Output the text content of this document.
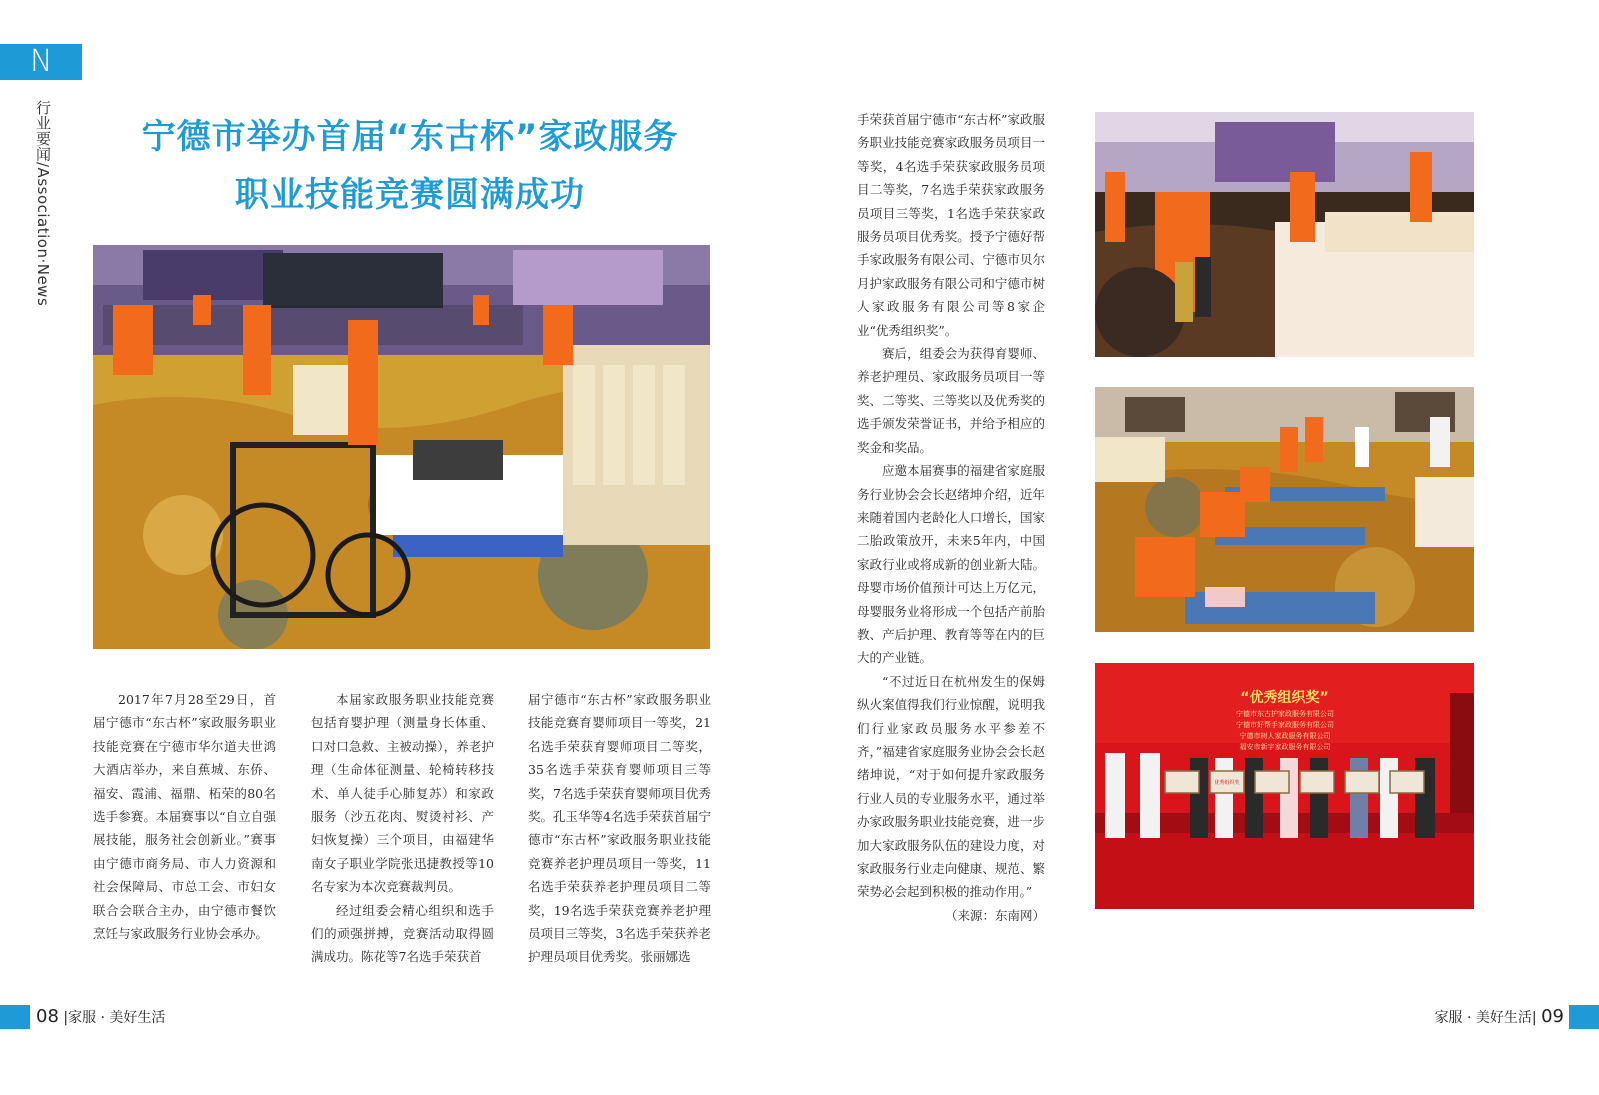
N
行业要闻/Association·News	宁德市举办首届“东古杯”家政服务
职业技能竞赛圆满成功
“优秀组织奖”
宁德市东古护家政服务有限公司
宁德市好帮手家政服务有限公司
宁德市树人家政服务有限公司
福安市新宇家政服务有限公司
优秀组织奖

2017年7月28至29日，首届宁德市“东古杯”家政服务职业技能竞赛在宁德市华尔道夫世鸿大酒店举办，来自蕉城、东侨、福安、霞浦、福鼎、柘荣的80名选手参赛。本届赛事以“自立自强展技能，服务社会创新业。”赛事由宁德市商务局、市人力资源和社会保障局、市总工会、市妇女联合会联合主办，由宁德市餐饮烹饪与家政服务行业协会承办。

本届家政服务职业技能竞赛包括育婴护理（测量身长体重、口对口急救、主被动操），养老护理（生命体征测量、轮椅转移技术、单人徒手心肺复苏）和家政服务（沙五花肉、熨烫衬衫、产妇恢复操）三个项目，由福建华南女子职业学院张迅捷教授等10名专家为本次竞赛裁判员。

经过组委会精心组织和选手们的顽强拼搏，竞赛活动取得圆满成功。陈花等7名选手荣获首

届宁德市“东古杯”家政服务职业技能竞赛育婴师项目一等奖，21名选手荣获育婴师项目二等奖，35名选手荣获育婴师项目三等奖，7名选手荣获育婴师项目优秀奖。孔玉华等4名选手荣获首届宁德市“东古杯”家政服务职业技能竞赛养老护理员项目一等奖，11名选手荣获养老护理员项目二等奖，19名选手荣获竞赛养老护理员项目三等奖，3名选手荣获养老护理员项目优秀奖。张丽娜选

手荣获首届宁德市“东古杯”家政服务职业技能竞赛家政服务员项目一等奖，4名选手荣获家政服务员项目二等奖，7名选手荣获家政服务员项目三等奖，1名选手荣获家政服务员项目优秀奖。授予宁德好帮手家政服务有限公司、宁德市贝尔月护家政服务有限公司和宁德市树人家政服务有限公司等8家企业“优秀组织奖”。

赛后，组委会为获得育婴师、养老护理员、家政服务员项目一等奖、二等奖、三等奖以及优秀奖的选手颁发荣誉证书，并给予相应的奖金和奖品。

应邀本届赛事的福建省家庭服务行业协会会长赵绪坤介绍，近年来随着国内老龄化人口增长，国家二胎政策放开，未来5年内，中国家政行业或将成新的创业新大陆。母婴市场价值预计可达上万亿元，母婴服务业将形成一个包括产前胎教、产后护理、教育等等在内的巨大的产业链。

“不过近日在杭州发生的保姆纵火案值得我们行业惊醒，说明我们行业家政员服务水平参差不齐，”福建省家庭服务业协会会长赵绪坤说，“对于如何提升家政服务行业人员的专业服务水平，通过举办家政服务职业技能竞赛，进一步加大家政服务队伍的建设力度，对家政服务行业走向健康、规范、繁荣势必会起到积极的推动作用。”

（来源：东南网）
08 |家服 · 美好生活	家服 · 美好生活| 09
